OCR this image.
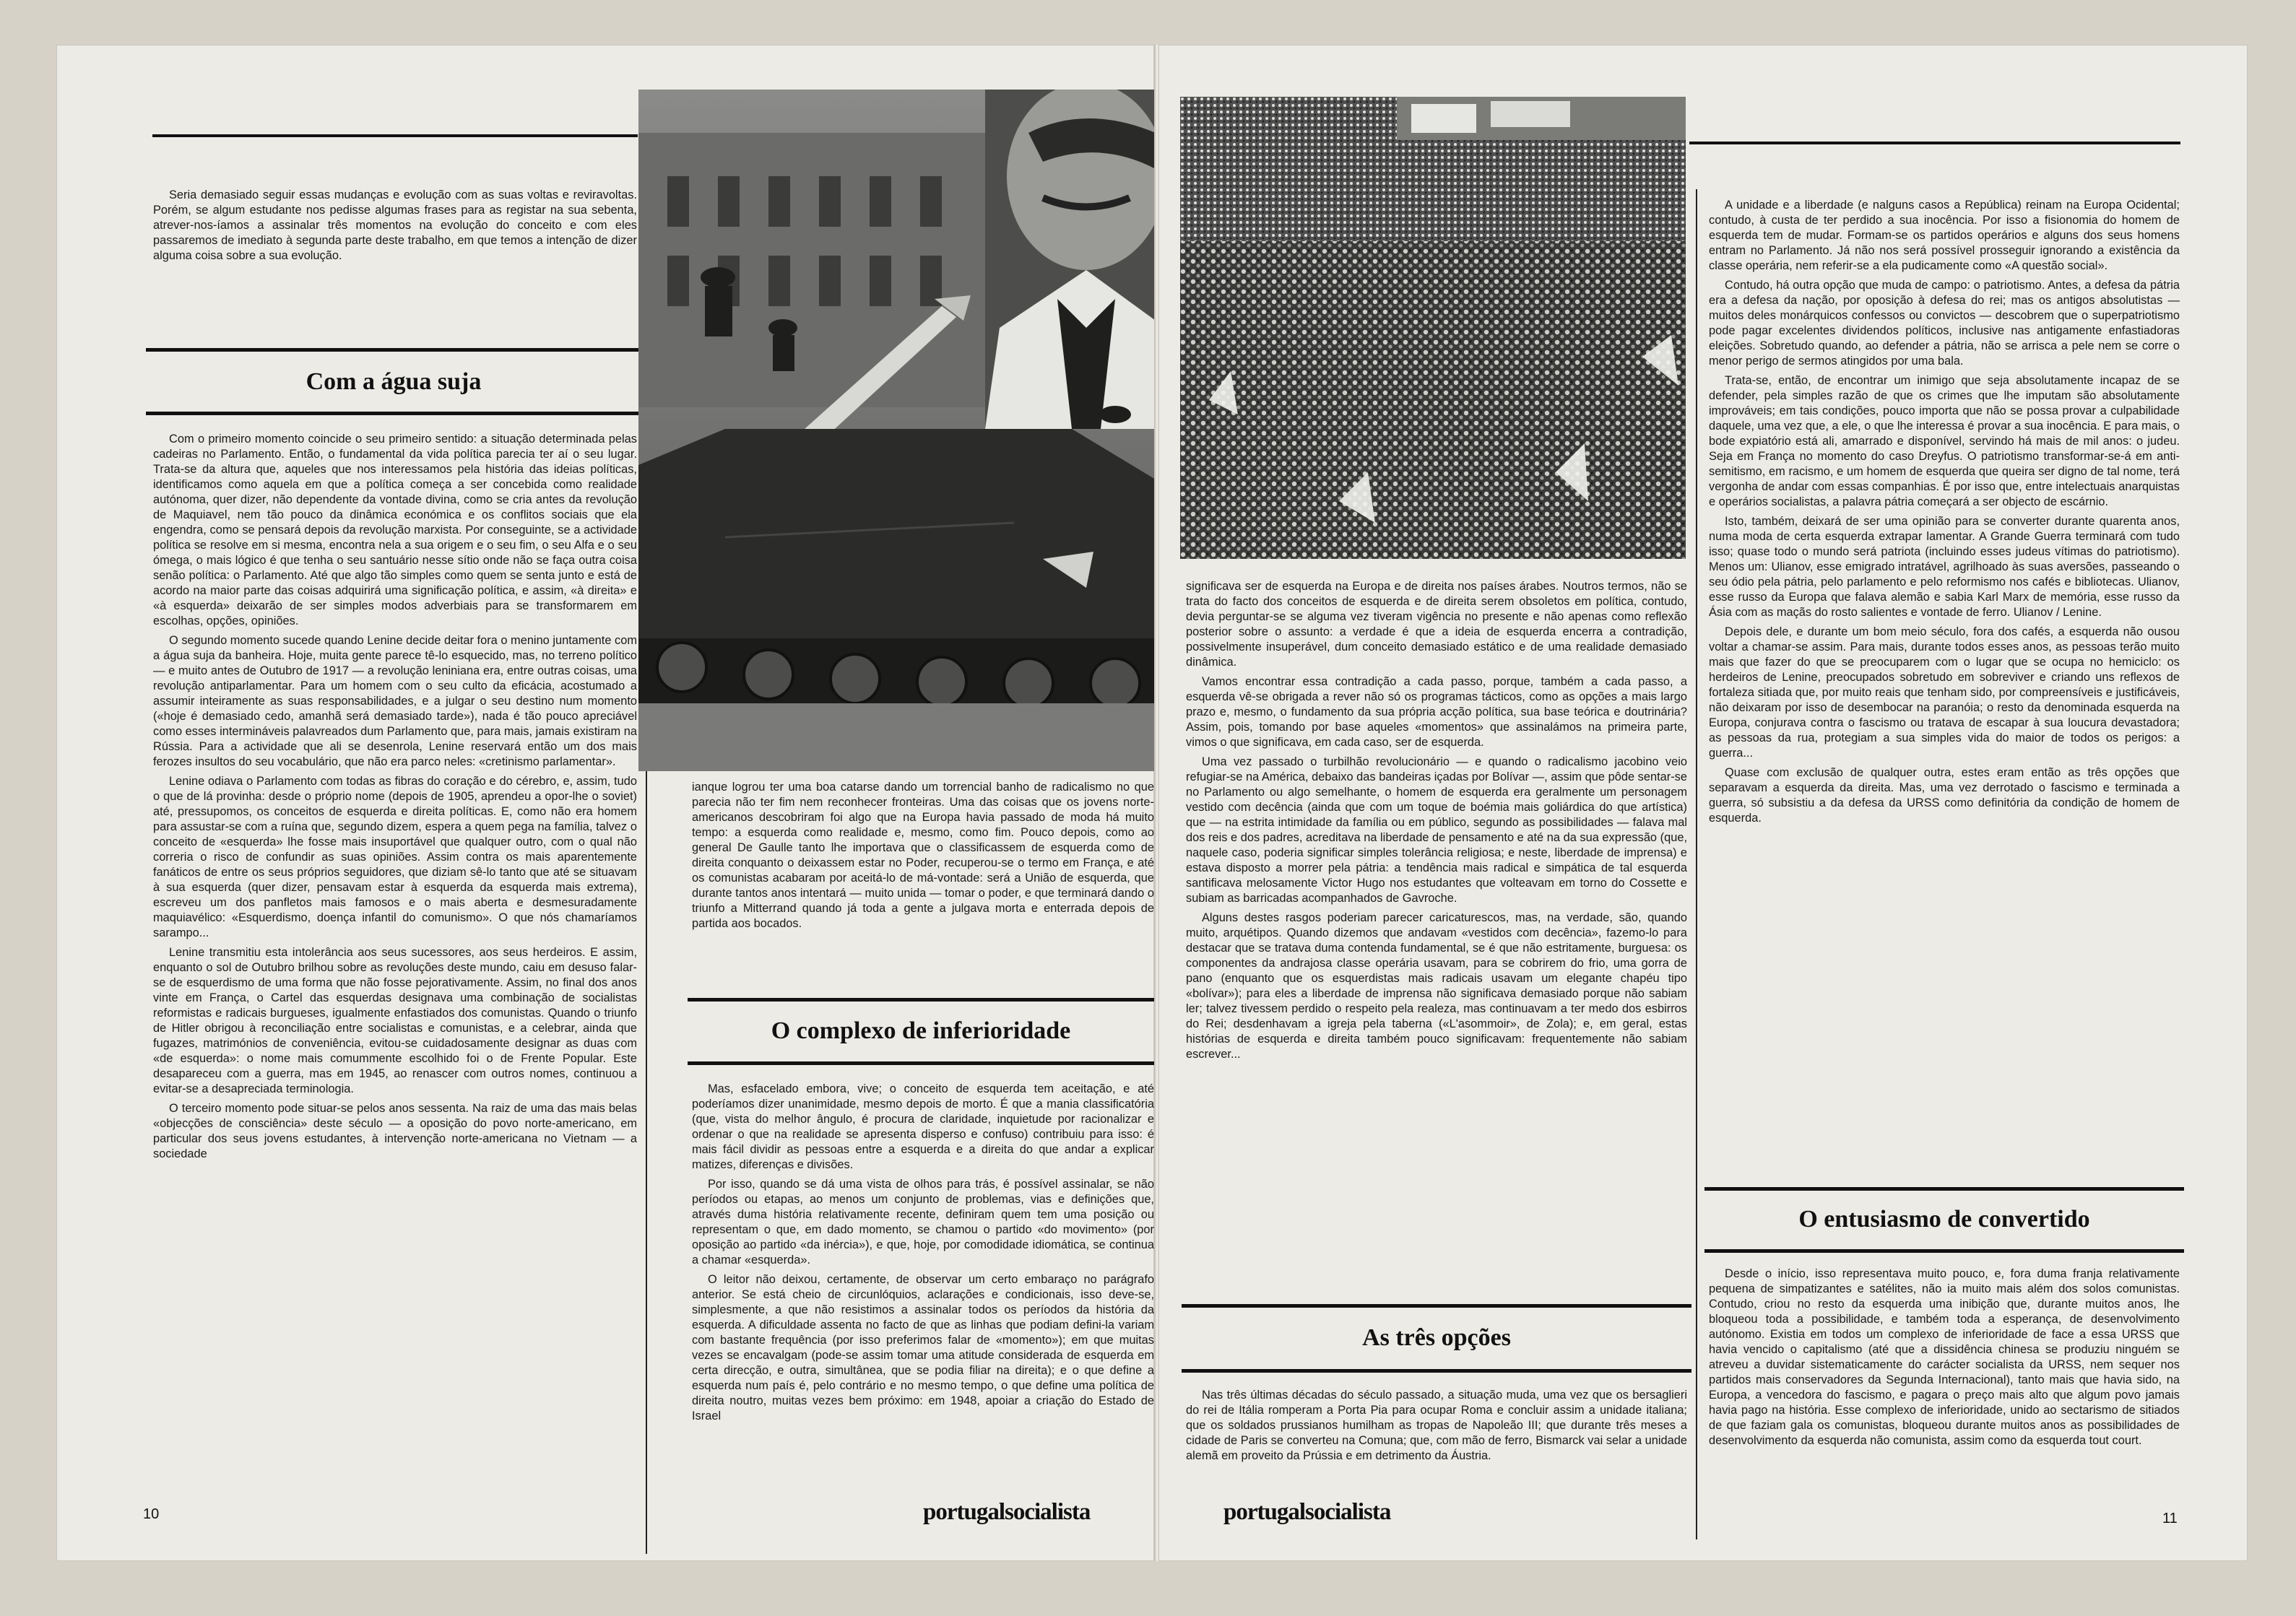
Seria demasiado seguir essas mudanças e evolução com as suas voltas e reviravoltas. Porém, se algum estudante nos pedisse algumas frases para as registar na sua sebenta, atrever-nos-íamos a assinalar três momentos na evolução do conceito e com eles passaremos de imediato à segunda parte deste trabalho, em que temos a intenção de dizer alguma coisa sobre a sua evolução.

Com a água suja

Com o primeiro momento coincide o seu primeiro sentido: a situação determinada pelas cadeiras no Parlamento. Então, o fundamental da vida política parecia ter aí o seu lugar. Trata-se da altura que, aqueles que nos interessamos pela história das ideias políticas, identificamos como aquela em que a política começa a ser concebida como realidade autónoma, quer dizer, não dependente da vontade divina, como se cria antes da revolução de Maquiavel, nem tão pouco da dinâmica económica e os conflitos sociais que ela engendra, como se pensará depois da revolução marxista. Por conseguinte, se a actividade política se resolve em si mesma, encontra nela a sua origem e o seu fim, o seu Alfa e o seu ómega, o mais lógico é que tenha o seu santuário nesse sítio onde não se faça outra coisa senão política: o Parlamento. Até que algo tão simples como quem se senta junto e está de acordo na maior parte das coisas adquirirá uma significação política, e assim, «à direita» e «à esquerda» deixarão de ser simples modos adverbiais para se transformarem em escolhas, opções, opiniões.

O segundo momento sucede quando Lenine decide deitar fora o menino juntamente com a água suja da banheira. Hoje, muita gente parece tê-lo esquecido, mas, no terreno político — e muito antes de Outubro de 1917 — a revolução leniniana era, entre outras coisas, uma revolução antiparlamentar. Para um homem com o seu culto da eficácia, acostumado a assumir inteiramente as suas responsabilidades, e a julgar o seu destino num momento («hoje é demasiado cedo, amanhã será demasiado tarde»), nada é tão pouco apreciável como esses intermináveis palavreados dum Parlamento que, para mais, jamais existiram na Rússia. Para a actividade que ali se desenrola, Lenine reservará então um dos mais ferozes insultos do seu vocabulário, que não era parco neles: «cretinismo parlamentar».

Lenine odiava o Parlamento com todas as fibras do coração e do cérebro, e, assim, tudo o que de lá provinha: desde o próprio nome (depois de 1905, aprendeu a opor-lhe o soviet) até, pressupomos, os conceitos de esquerda e direita políticas. E, como não era homem para assustar-se com a ruína que, segundo dizem, espera a quem pega na família, talvez o conceito de «esquerda» lhe fosse mais insuportável que qualquer outro, com o qual não correria o risco de confundir as suas opiniões. Assim contra os mais aparentemente fanáticos de entre os seus próprios seguidores, que diziam sê-lo tanto que até se situavam à sua esquerda (quer dizer, pensavam estar à esquerda da esquerda mais extrema), escreveu um dos panfletos mais famosos e o mais aberta e desmesuradamente maquiavélico: «Esquerdismo, doença infantil do comunismo». O que nós chamaríamos sarampo...

Lenine transmitiu esta intolerância aos seus sucessores, aos seus herdeiros. E assim, enquanto o sol de Outubro brilhou sobre as revoluções deste mundo, caiu em desuso falar-se de esquerdismo de uma forma que não fosse pejorativamente. Assim, no final dos anos vinte em França, o Cartel das esquerdas designava uma combinação de socialistas reformistas e radicais burgueses, igualmente enfastiados dos comunistas. Quando o triunfo de Hitler obrigou à reconciliação entre socialistas e comunistas, e a celebrar, ainda que fugazes, matrimónios de conveniência, evitou-se cuidadosamente designar as duas com «de esquerda»: o nome mais comummente escolhido foi o de Frente Popular. Este desapareceu com a guerra, mas em 1945, ao renascer com outros nomes, continuou a evitar-se a desapreciada terminologia.

O terceiro momento pode situar-se pelos anos sessenta. Na raiz de uma das mais belas «objecções de consciência» deste século — a oposição do povo norte-americano, em particular dos seus jovens estudantes, à intervenção norte-americana no Vietnam — a sociedade

ianque logrou ter uma boa catarse dando um torrencial banho de radicalismo no que parecia não ter fim nem reconhecer fronteiras. Uma das coisas que os jovens norte-americanos descobriram foi algo que na Europa havia passado de moda há muito tempo: a esquerda como realidade e, mesmo, como fim. Pouco depois, como ao general De Gaulle tanto lhe importava que o classificassem de esquerda como de direita conquanto o deixassem estar no Poder, recuperou-se o termo em França, e até os comunistas acabaram por aceitá-lo de má-vontade: será a União de esquerda, que durante tantos anos intentará — muito unida — tomar o poder, e que terminará dando o triunfo a Mitterrand quando já toda a gente a julgava morta e enterrada depois de partida aos bocados.

O complexo de inferioridade

Mas, esfacelado embora, vive; o conceito de esquerda tem aceitação, e até poderíamos dizer unanimidade, mesmo depois de morto. É que a mania classificatória (que, vista do melhor ângulo, é procura de claridade, inquietude por racionalizar e ordenar o que na realidade se apresenta disperso e confuso) contribuiu para isso: é mais fácil dividir as pessoas entre a esquerda e a direita do que andar a explicar matizes, diferenças e divisões.

Por isso, quando se dá uma vista de olhos para trás, é possível assinalar, se não períodos ou etapas, ao menos um conjunto de problemas, vias e definições que, através duma história relativamente recente, definiram quem tem uma posição ou representam o que, em dado momento, se chamou o partido «do movimento» (por oposição ao partido «da inércia»), e que, hoje, por comodidade idiomática, se continua a chamar «esquerda».

O leitor não deixou, certamente, de observar um certo embaraço no parágrafo anterior. Se está cheio de circunlóquios, aclarações e condicionais, isso deve-se, simplesmente, a que não resistimos a assinalar todos os períodos da história da esquerda. A dificuldade assenta no facto de que as linhas que podiam defini-la variam com bastante frequência (por isso preferimos falar de «momento»); em que muitas vezes se encavalgam (pode-se assim tomar uma atitude considerada de esquerda em certa direcção, e outra, simultânea, que se podia filiar na direita); e o que define a esquerda num país é, pelo contrário e no mesmo tempo, o que define uma política de direita noutro, muitas vezes bem próximo: em 1948, apoiar a criação do Estado de Israel

10	portugalsocialista

significava ser de esquerda na Europa e de direita nos países árabes. Noutros termos, não se trata do facto dos conceitos de esquerda e de direita serem obsoletos em política, contudo, devia perguntar-se se alguma vez tiveram vigência no presente e não apenas como reflexão posterior sobre o assunto: a verdade é que a ideia de esquerda encerra a contradição, possivelmente insuperável, dum conceito demasiado estático e de uma realidade demasiado dinâmica.

Vamos encontrar essa contradição a cada passo, porque, também a cada passo, a esquerda vê-se obrigada a rever não só os programas tácticos, como as opções a mais largo prazo e, mesmo, o fundamento da sua própria acção política, sua base teórica e doutrinária? Assim, pois, tomando por base aqueles «momentos» que assinalámos na primeira parte, vimos o que significava, em cada caso, ser de esquerda.

Uma vez passado o turbilhão revolucionário — e quando o radicalismo jacobino veio refugiar-se na América, debaixo das bandeiras içadas por Bolívar —, assim que pôde sentar-se no Parlamento ou algo semelhante, o homem de esquerda era geralmente um personagem vestido com decência (ainda que com um toque de boémia mais goliárdica do que artística) que — na estrita intimidade da família ou em público, segundo as possibilidades — falava mal dos reis e dos padres, acreditava na liberdade de pensamento e até na da sua expressão (que, naquele caso, poderia significar simples tolerância religiosa; e neste, liberdade de imprensa) e estava disposto a morrer pela pátria: a tendência mais radical e simpática de tal esquerda santificava melosamente Victor Hugo nos estudantes que volteavam em torno do Cossette e subiam as barricadas acompanhados de Gavroche.

Alguns destes rasgos poderiam parecer caricaturescos, mas, na verdade, são, quando muito, arquétipos. Quando dizemos que andavam «vestidos com decência», fazemo-lo para destacar que se tratava duma contenda fundamental, se é que não estritamente, burguesa: os componentes da andrajosa classe operária usavam, para se cobrirem do frio, uma gorra de pano (enquanto que os esquerdistas mais radicais usavam um elegante chapéu tipo «bolívar»); para eles a liberdade de imprensa não significava demasiado porque não sabiam ler; talvez tivessem perdido o respeito pela realeza, mas continuavam a ter medo dos esbirros do Rei; desdenhavam a igreja pela taberna («L'asommoir», de Zola); e, em geral, estas histórias de esquerda e direita também pouco significavam: frequentemente não sabiam escrever...

As três opções

Nas três últimas décadas do século passado, a situação muda, uma vez que os bersaglieri do rei de Itália romperam a Porta Pia para ocupar Roma e concluir assim a unidade italiana; que os soldados prussianos humilham as tropas de Napoleão III; que durante três meses a cidade de Paris se converteu na Comuna; que, com mão de ferro, Bismarck vai selar a unidade alemã em proveito da Prússia e em detrimento da Áustria.

A unidade e a liberdade (e nalguns casos a República) reinam na Europa Ocidental; contudo, à custa de ter perdido a sua inocência. Por isso a fisionomia do homem de esquerda tem de mudar. Formam-se os partidos operários e alguns dos seus homens entram no Parlamento. Já não nos será possível prosseguir ignorando a existência da classe operária, nem referir-se a ela pudicamente como «A questão social».

Contudo, há outra opção que muda de campo: o patriotismo. Antes, a defesa da pátria era a defesa da nação, por oposição à defesa do rei; mas os antigos absolutistas — muitos deles monárquicos confessos ou convictos — descobrem que o superpatriotismo pode pagar excelentes dividendos políticos, inclusive nas antigamente enfastiadoras eleições. Sobretudo quando, ao defender a pátria, não se arrisca a pele nem se corre o menor perigo de sermos atingidos por uma bala.

Trata-se, então, de encontrar um inimigo que seja absolutamente incapaz de se defender, pela simples razão de que os crimes que lhe imputam são absolutamente improváveis; em tais condições, pouco importa que não se possa provar a culpabilidade daquele, uma vez que, a ele, o que lhe interessa é provar a sua inocência. E para mais, o bode expiatório está ali, amarrado e disponível, servindo há mais de mil anos: o judeu. Seja em França no momento do caso Dreyfus. O patriotismo transformar-se-á em anti-semitismo, em racismo, e um homem de esquerda que queira ser digno de tal nome, terá vergonha de andar com essas companhias. É por isso que, entre intelectuais anarquistas e operários socialistas, a palavra pátria começará a ser objecto de escárnio.

Isto, também, deixará de ser uma opinião para se converter durante quarenta anos, numa moda de certa esquerda extrapar lamentar. A Grande Guerra terminará com tudo isso; quase todo o mundo será patriota (incluindo esses judeus vítimas do patriotismo). Menos um: Ulianov, esse emigrado intratável, agrilhoado às suas aversões, passeando o seu ódio pela pátria, pelo parlamento e pelo reformismo nos cafés e bibliotecas. Ulianov, esse russo da Europa que falava alemão e sabia Karl Marx de memória, esse russo da Ásia com as maçãs do rosto salientes e vontade de ferro. Ulianov / Lenine.

Depois dele, e durante um bom meio século, fora dos cafés, a esquerda não ousou voltar a chamar-se assim. Para mais, durante todos esses anos, as pessoas terão muito mais que fazer do que se preocuparem com o lugar que se ocupa no hemiciclo: os herdeiros de Lenine, preocupados sobretudo em sobreviver e criando uns reflexos de fortaleza sitiada que, por muito reais que tenham sido, por compreensíveis e justificáveis, não deixaram por isso de desembocar na paranóia; o resto da denominada esquerda na Europa, conjurava contra o fascismo ou tratava de escapar à sua loucura devastadora; as pessoas da rua, protegiam a sua simples vida do maior de todos os perigos: a guerra...

Quase com exclusão de qualquer outra, estes eram então as três opções que separavam a esquerda da direita. Mas, uma vez derrotado o fascismo e terminada a guerra, só subsistiu a da defesa da URSS como definitória da condição de homem de esquerda.

O entusiasmo de convertido

Desde o início, isso representava muito pouco, e, fora duma franja relativamente pequena de simpatizantes e satélites, não ia muito mais além dos solos comunistas. Contudo, criou no resto da esquerda uma inibição que, durante muitos anos, lhe bloqueou toda a possibilidade, e também toda a esperança, de desenvolvimento autónomo. Existia em todos um complexo de inferioridade de face a essa URSS que havia vencido o capitalismo (até que a dissidência chinesa se produziu ninguém se atreveu a duvidar sistematicamente do carácter socialista da URSS, nem sequer nos partidos mais conservadores da Segunda Internacional), tanto mais que havia sido, na Europa, a vencedora do fascismo, e pagara o preço mais alto que algum povo jamais havia pago na história. Esse complexo de inferioridade, unido ao sectarismo de sitiados de que faziam gala os comunistas, bloqueou durante muitos anos as possibilidades de desenvolvimento da esquerda não comunista, assim como da esquerda tout court.

portugalsocialista	11
